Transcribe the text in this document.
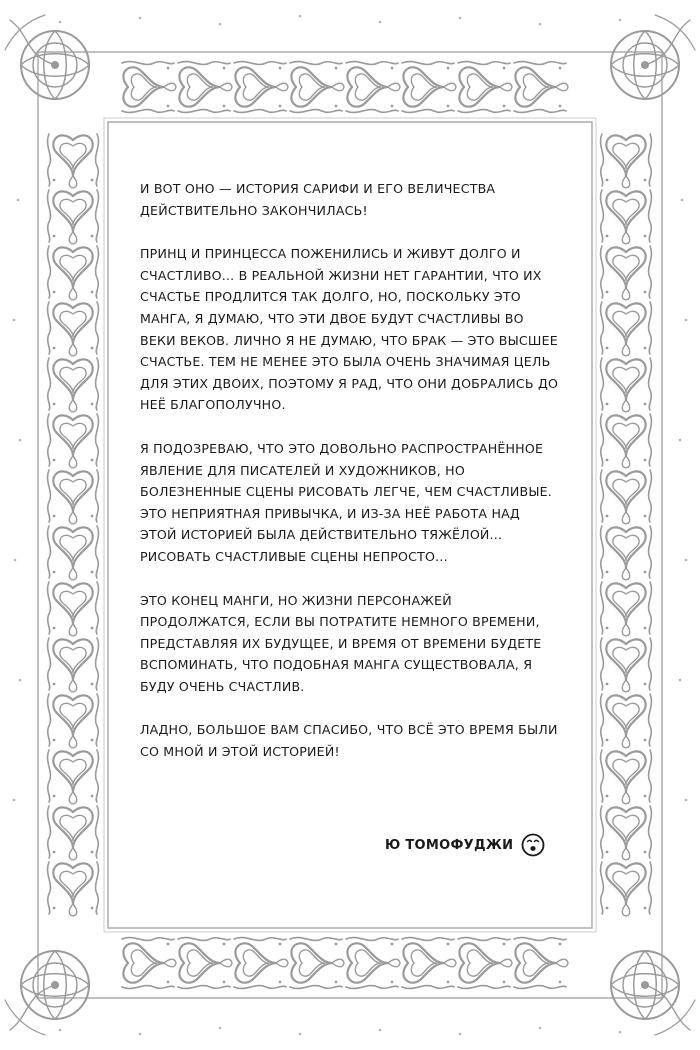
И ВОТ ОНО — ИСТОРИЯ САРИФИ И ЕГО ВЕЛИЧЕСТВА ДЕЙСТВИТЕЛЬНО ЗАКОНЧИЛАСЬ!

ПРИНЦ И ПРИНЦЕССА ПОЖЕНИЛИСЬ И ЖИВУТ ДОЛГО И СЧАСТЛИВО... В РЕАЛЬНОЙ ЖИЗНИ НЕТ ГАРАНТИИ, ЧТО ИХ СЧАСТЬЕ ПРОДЛИТСЯ ТАК ДОЛГО, НО, ПОСКОЛЬКУ ЭТО МАНГА, Я ДУМАЮ, ЧТО ЭТИ ДВОЕ БУДУТ СЧАСТЛИВЫ ВО ВЕКИ ВЕКОВ. ЛИЧНО Я НЕ ДУМАЮ, ЧТО БРАК — ЭТО ВЫСШЕЕ СЧАСТЬЕ. ТЕМ НЕ МЕНЕЕ ЭТО БЫЛА ОЧЕНЬ ЗНАЧИМАЯ ЦЕЛЬ ДЛЯ ЭТИХ ДВОИХ, ПОЭТОМУ Я РАД, ЧТО ОНИ ДОБРАЛИСЬ ДО НЕЁ БЛАГОПОЛУЧНО.

Я ПОДОЗРЕВАЮ, ЧТО ЭТО ДОВОЛЬНО РАСПРОСТРАНЁННОЕ ЯВЛЕНИЕ ДЛЯ ПИСАТЕЛЕЙ И ХУДОЖНИКОВ, НО БОЛЕЗНЕННЫЕ СЦЕНЫ РИСОВАТЬ ЛЕГЧЕ, ЧЕМ СЧАСТЛИВЫЕ. ЭТО НЕПРИЯТНАЯ ПРИВЫЧКА, И ИЗ-ЗА НЕЁ РАБОТА НАД ЭТОЙ ИСТОРИЕЙ БЫЛА ДЕЙСТВИТЕЛЬНО ТЯЖЁЛОЙ... РИСОВАТЬ СЧАСТЛИВЫЕ СЦЕНЫ НЕПРОСТО...

ЭТО КОНЕЦ МАНГИ, НО ЖИЗНИ ПЕРСОНАЖЕЙ ПРОДОЛЖАТСЯ, ЕСЛИ ВЫ ПОТРАТИТЕ НЕМНОГО ВРЕМЕНИ, ПРЕДСТАВЛЯЯ ИХ БУДУЩЕЕ, И ВРЕМЯ ОТ ВРЕМЕНИ БУДЕТЕ ВСПОМИНАТЬ, ЧТО ПОДОБНАЯ МАНГА СУЩЕСТВОВАЛА, Я БУДУ ОЧЕНЬ СЧАСТЛИВ.

ЛАДНО, БОЛЬШОЕ ВАМ СПАСИБО, ЧТО ВСЁ ЭТО ВРЕМЯ БЫЛИ СО МНОЙ И ЭТОЙ ИСТОРИЕЙ!

Ю ТОМОФУДЖИ
